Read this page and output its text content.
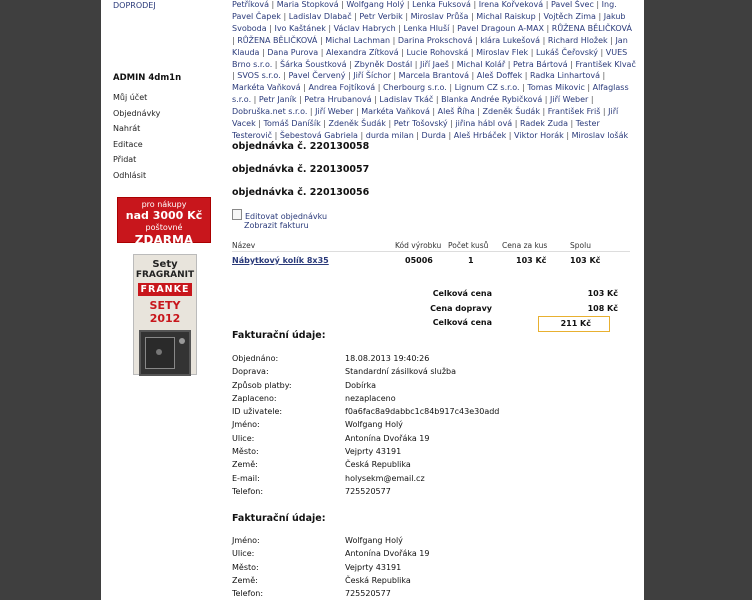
DOPRODEJ
ADMIN 4dm1n
Můj účet
Objednávky
Nahrát
Editace
Přidat
Odhlásit
pro nákupy
nad 3000 Kč
poštovné ZDARMA
Sety
FRAGRANIT
FRANKE
SETY 2012
Petříková | Maria Stopková | Wolfgang Holý | Lenka Fuksová | Irena Kořveková | Pavel Švec | Ing. Pavel Čapek | Ladislav Dlabač | Petr Verbik | Miroslav Průša | Michal Raiskup | Vojtěch Zima | Jakub Svoboda | Ivo Kaštánek | Václav Habrych | Lenka Hluší | Pavel Dragoun A-MAX | RŮŽENA BĚLIČKOVÁ | RŮŽENA BĚLIČKOVÁ | Michal Lachman | Darina Prokschová | klára Lukešová | Richard Hložek | Jan Klauda | Dana Purova | Alexandra Zítková | Lucie Rohovská | Miroslav Flek | Lukáš Čeřovský | VUES Brno s.r.o. | Šárka Šoustková | Zbyněk Dostál | Jiří Jaeš | Michal Kolář | Petra Bártová | František Klvač | SVOS s.r.o. | Pavel Červený | Jiří Šíchor | Marcela Brantová | Aleš Doffek | Radka Linhartová | Markéta Vaňková | Andrea Fojtíková | Cherbourg s.r.o. | Lignum CZ s.r.o. | Tomas Mikovic | Alfaglass s.r.o. | Petr Janík | Petra Hrubanová | Ladislav Tkáč | Blanka Andrée Rybičková | Jiří Weber | Dobruška.net s.r.o. | Jiří Weber | Markéta Vaňková | Aleš Říha | Zdeněk Šudák | František Friš | Jiří Vacek | Tomáš Daníšík | Zdeněk Šudák | Petr Tošovský | jiřina hábl ová | Radek Zuda | Tester Testerovič | Šebestová Gabriela | durda milan | Durda | Aleš Hrbáček | Viktor Horák | Miroslav lošák
objednávka č. 220130058
objednávka č. 220130057
objednávka č. 220130056
Editovat objednávku
Zobrazit fakturu
Název	Kód výrobku	Počet kusů	Cena za kus	Spolu
Nábytkový kolík 8x35	05006	1	103 Kč	103 Kč
Celková cena	103 Kč
Cena dopravy	108 Kč
Celková cena	211 Kč
Fakturační údaje:
Objednáno:	18.08.2013 19:40:26
Doprava:	Standardní zásilková služba
Způsob platby:	Dobírka
Zaplaceno:	nezaplaceno
ID uživatele:	f0a6fac8a9dabbc1c84b917c43e30add
Jméno:	Wolfgang Holý
Ulice:	Antonína Dvořáka 19
Město:	Vejprty 43191
Země:	Česká Republika
E-mail:	holysekm@email.cz
Telefon:	725520577
Fakturační údaje:
Jméno:	Wolfgang Holý
Ulice:	Antonína Dvořáka 19
Město:	Vejprty 43191
Země:	Česká Republika
Telefon:	725520577
